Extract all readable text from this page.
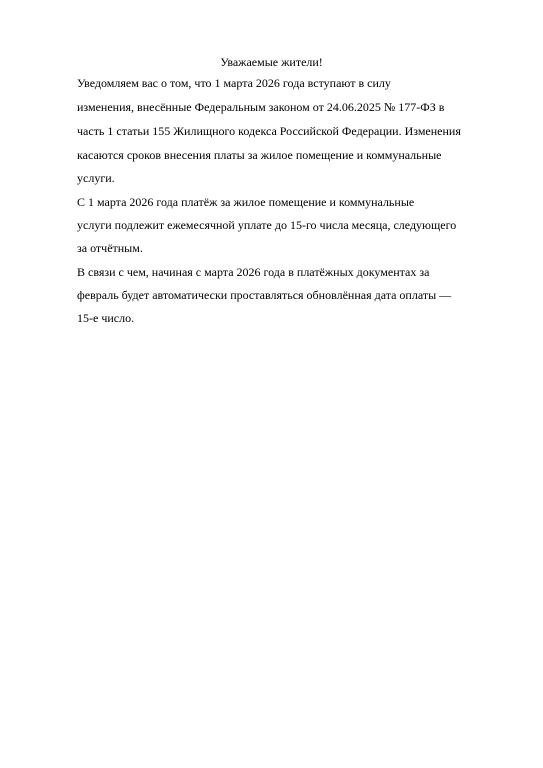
Уважаемые жители!
Уведомляем вас о том, что 1 марта 2026 года вступают в силу
изменения, внесённые Федеральным законом от 24.06.2025 № 177-ФЗ в
часть 1 статьи 155 Жилищного кодекса Российской Федерации. Изменения
касаются сроков внесения платы за жилое помещение и коммунальные
услуги.
С 1 марта 2026 года платёж за жилое помещение и коммунальные
услуги подлежит ежемесячной уплате до 15-го числа месяца, следующего
за отчётным.
В связи с чем, начиная с марта 2026 года в платёжных документах за
февраль будет автоматически проставляться обновлённая дата оплаты —
15-е число.
